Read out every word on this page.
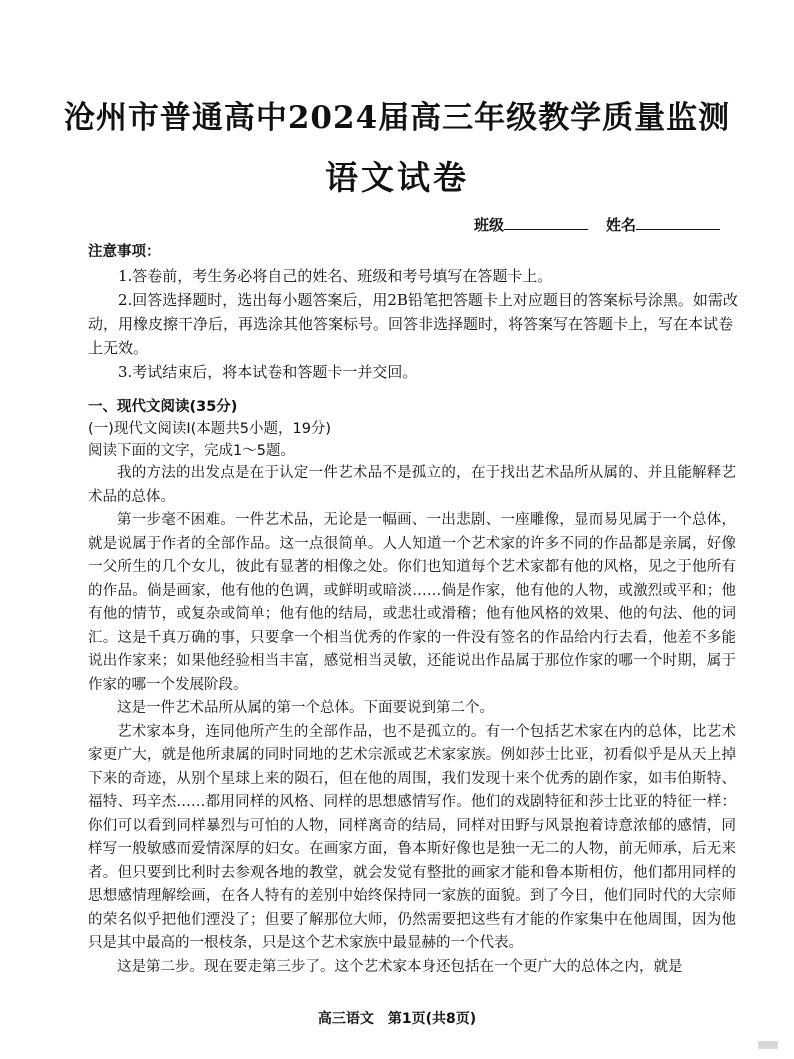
沧州市普通高中2024届高三年级教学质量监测
语文试卷
班级	姓名

注意事项：

1.答卷前，考生务必将自己的姓名、班级和考号填写在答题卡上。

2.回答选择题时，选出每小题答案后，用2B铅笔把答题卡上对应题目的答案标号涂黑。如需改动，用橡皮擦干净后，再选涂其他答案标号。回答非选择题时，将答案写在答题卡上，写在本试卷上无效。

3.考试结束后，将本试卷和答题卡一并交回。

一、现代文阅读(35分)

(一)现代文阅读Ⅰ(本题共5小题，19分)

阅读下面的文字，完成1～5题。

我的方法的出发点是在于认定一件艺术品不是孤立的，在于找出艺术品所从属的、并且能解释艺术品的总体。

第一步毫不困难。一件艺术品，无论是一幅画、一出悲剧、一座雕像，显而易见属于一个总体，就是说属于作者的全部作品。这一点很简单。人人知道一个艺术家的许多不同的作品都是亲属，好像一父所生的几个女儿，彼此有显著的相像之处。你们也知道每个艺术家都有他的风格，见之于他所有的作品。倘是画家，他有他的色调，或鲜明或暗淡……倘是作家，他有他的人物，或激烈或平和；他有他的情节，或复杂或简单；他有他的结局，或悲壮或滑稽；他有他风格的效果、他的句法、他的词汇。这是千真万确的事，只要拿一个相当优秀的作家的一件没有签名的作品给内行去看，他差不多能说出作家来；如果他经验相当丰富，感觉相当灵敏，还能说出作品属于那位作家的哪一个时期，属于作家的哪一个发展阶段。

这是一件艺术品所从属的第一个总体。下面要说到第二个。

艺术家本身，连同他所产生的全部作品，也不是孤立的。有一个包括艺术家在内的总体，比艺术家更广大，就是他所隶属的同时同地的艺术宗派或艺术家家族。例如莎士比亚，初看似乎是从天上掉下来的奇迹，从别个星球上来的陨石，但在他的周围，我们发现十来个优秀的剧作家，如韦伯斯特、福特、玛辛杰……都用同样的风格、同样的思想感情写作。他们的戏剧特征和莎士比亚的特征一样：你们可以看到同样暴烈与可怕的人物，同样离奇的结局，同样对田野与风景抱着诗意浓郁的感情，同样写一般敏感而爱情深厚的妇女。在画家方面，鲁本斯好像也是独一无二的人物，前无师承，后无来者。但只要到比利时去参观各地的教堂，就会发觉有整批的画家才能和鲁本斯相仿，他们都用同样的思想感情理解绘画，在各人特有的差别中始终保持同一家族的面貌。到了今日，他们同时代的大宗师的荣名似乎把他们湮没了；但要了解那位大师，仍然需要把这些有才能的作家集中在他周围，因为他只是其中最高的一根枝条，只是这个艺术家族中最显赫的一个代表。

这是第二步。现在要走第三步了。这个艺术家本身还包括在一个更广大的总体之内，就是

高三语文　第1页(共8页)
